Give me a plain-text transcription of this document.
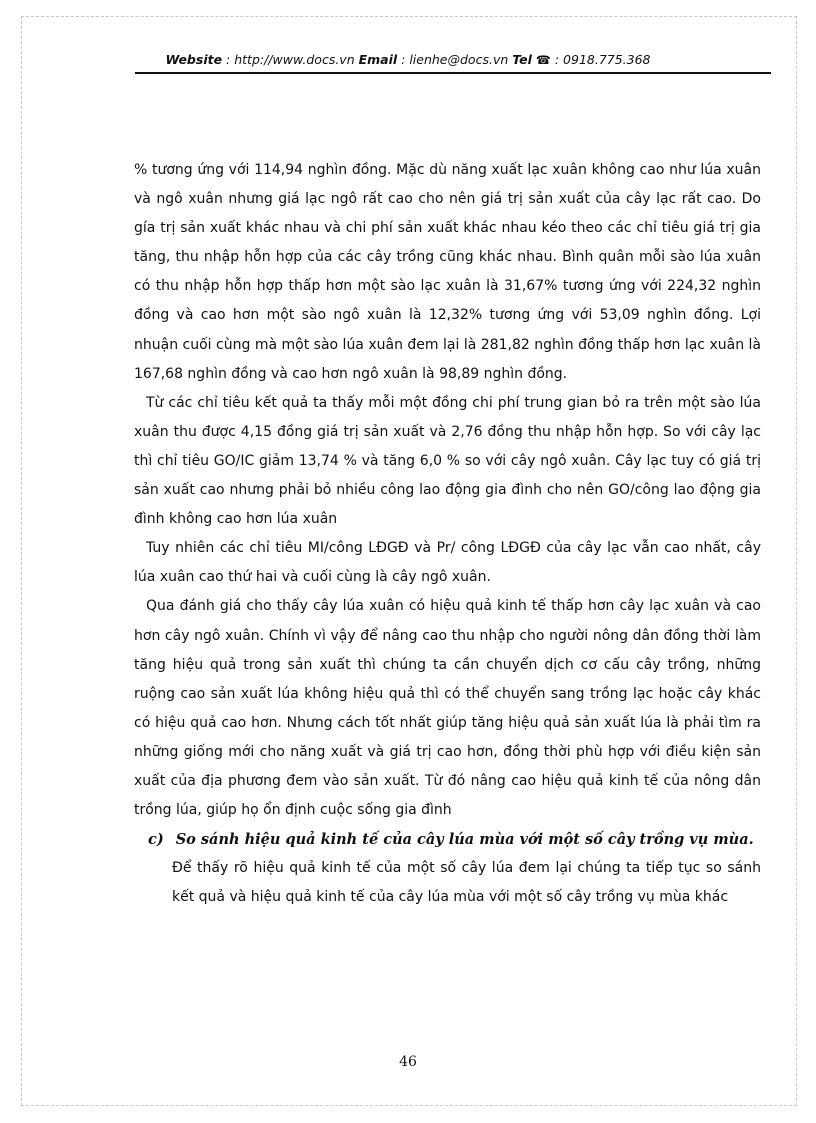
Website : http://www.docs.vn Email : lienhe@docs.vn Tel ☎ : 0918.775.368

% tương ứng với 114,94 nghìn đồng. Mặc dù năng xuất lạc xuân không cao như lúa xuân và ngô xuân nhưng giá lạc ngô rất cao cho nên giá trị sản xuất của cây lạc rất cao. Do gía trị sản xuất khác nhau và chi phí sản xuất khác nhau kéo theo các chỉ tiêu giá trị gia tăng, thu nhập hỗn hợp của các cây trồng cũng khác nhau. Bình quân mỗi sào lúa xuân có thu nhập hỗn hợp thấp hơn một sào lạc xuân là 31,67% tương ứng với 224,32 nghìn đồng và cao hơn một sào ngô xuân là 12,32% tương ứng với 53,09 nghìn đồng. Lợi nhuận cuối cùng mà một sào lúa xuân đem lại là 281,82 nghìn đồng thấp hơn lạc xuân là 167,68 nghìn đồng và cao hơn ngô xuân là 98,89 nghìn đồng.

Từ các chỉ tiêu kết quả ta thấy mỗi một đồng chi phí trung gian bỏ ra trên một sào lúa xuân thu được 4,15 đồng giá trị sản xuất và 2,76 đồng thu nhập hỗn hợp. So với cây lạc thì chỉ tiêu GO/IC giảm 13,74 % và tăng 6,0 % so với cây ngô xuân. Cây lạc tuy có giá trị sản xuất cao nhưng phải bỏ nhiều công lao động gia đình cho nên GO/công lao động gia đình không cao hơn lúa xuân

Tuy nhiên các chỉ tiêu MI/công LĐGĐ và Pr/ công LĐGĐ của cây lạc vẫn cao nhất, cây lúa xuân cao thứ hai và cuối cùng là cây ngô xuân.

Qua đánh giá cho thấy cây lúa xuân có hiệu quả kinh tế thấp hơn cây lạc xuân và cao hơn cây ngô xuân. Chính vì vậy để nâng cao thu nhập cho người nông dân đồng thời làm tăng hiệu quả trong sản xuất thì chúng ta cần chuyển dịch cơ cấu cây trồng, những ruộng cao sản xuất lúa không hiệu quả thì có thể chuyển sang trồng lạc hoặc cây khác có hiệu quả cao hơn. Nhưng cách tốt nhất giúp tăng hiệu quả sản xuất lúa là phải tìm ra những giống mới cho năng xuất và giá trị cao hơn, đồng thời phù hợp với điều kiện sản xuất của địa phương đem vào sản xuất. Từ đó nâng cao hiệu quả kinh tế của nông dân trồng lúa, giúp họ ổn định cuộc sống gia đình

c) So sánh hiệu quả kinh tế của cây lúa mùa với một số cây trồng vụ mùa.

Để thấy rõ hiệu quả kinh tế của một số cây lúa đem lại chúng ta tiếp tục so sánh kết quả và hiệu quả kinh tế của cây lúa mùa với một số cây trồng vụ mùa khác

46
